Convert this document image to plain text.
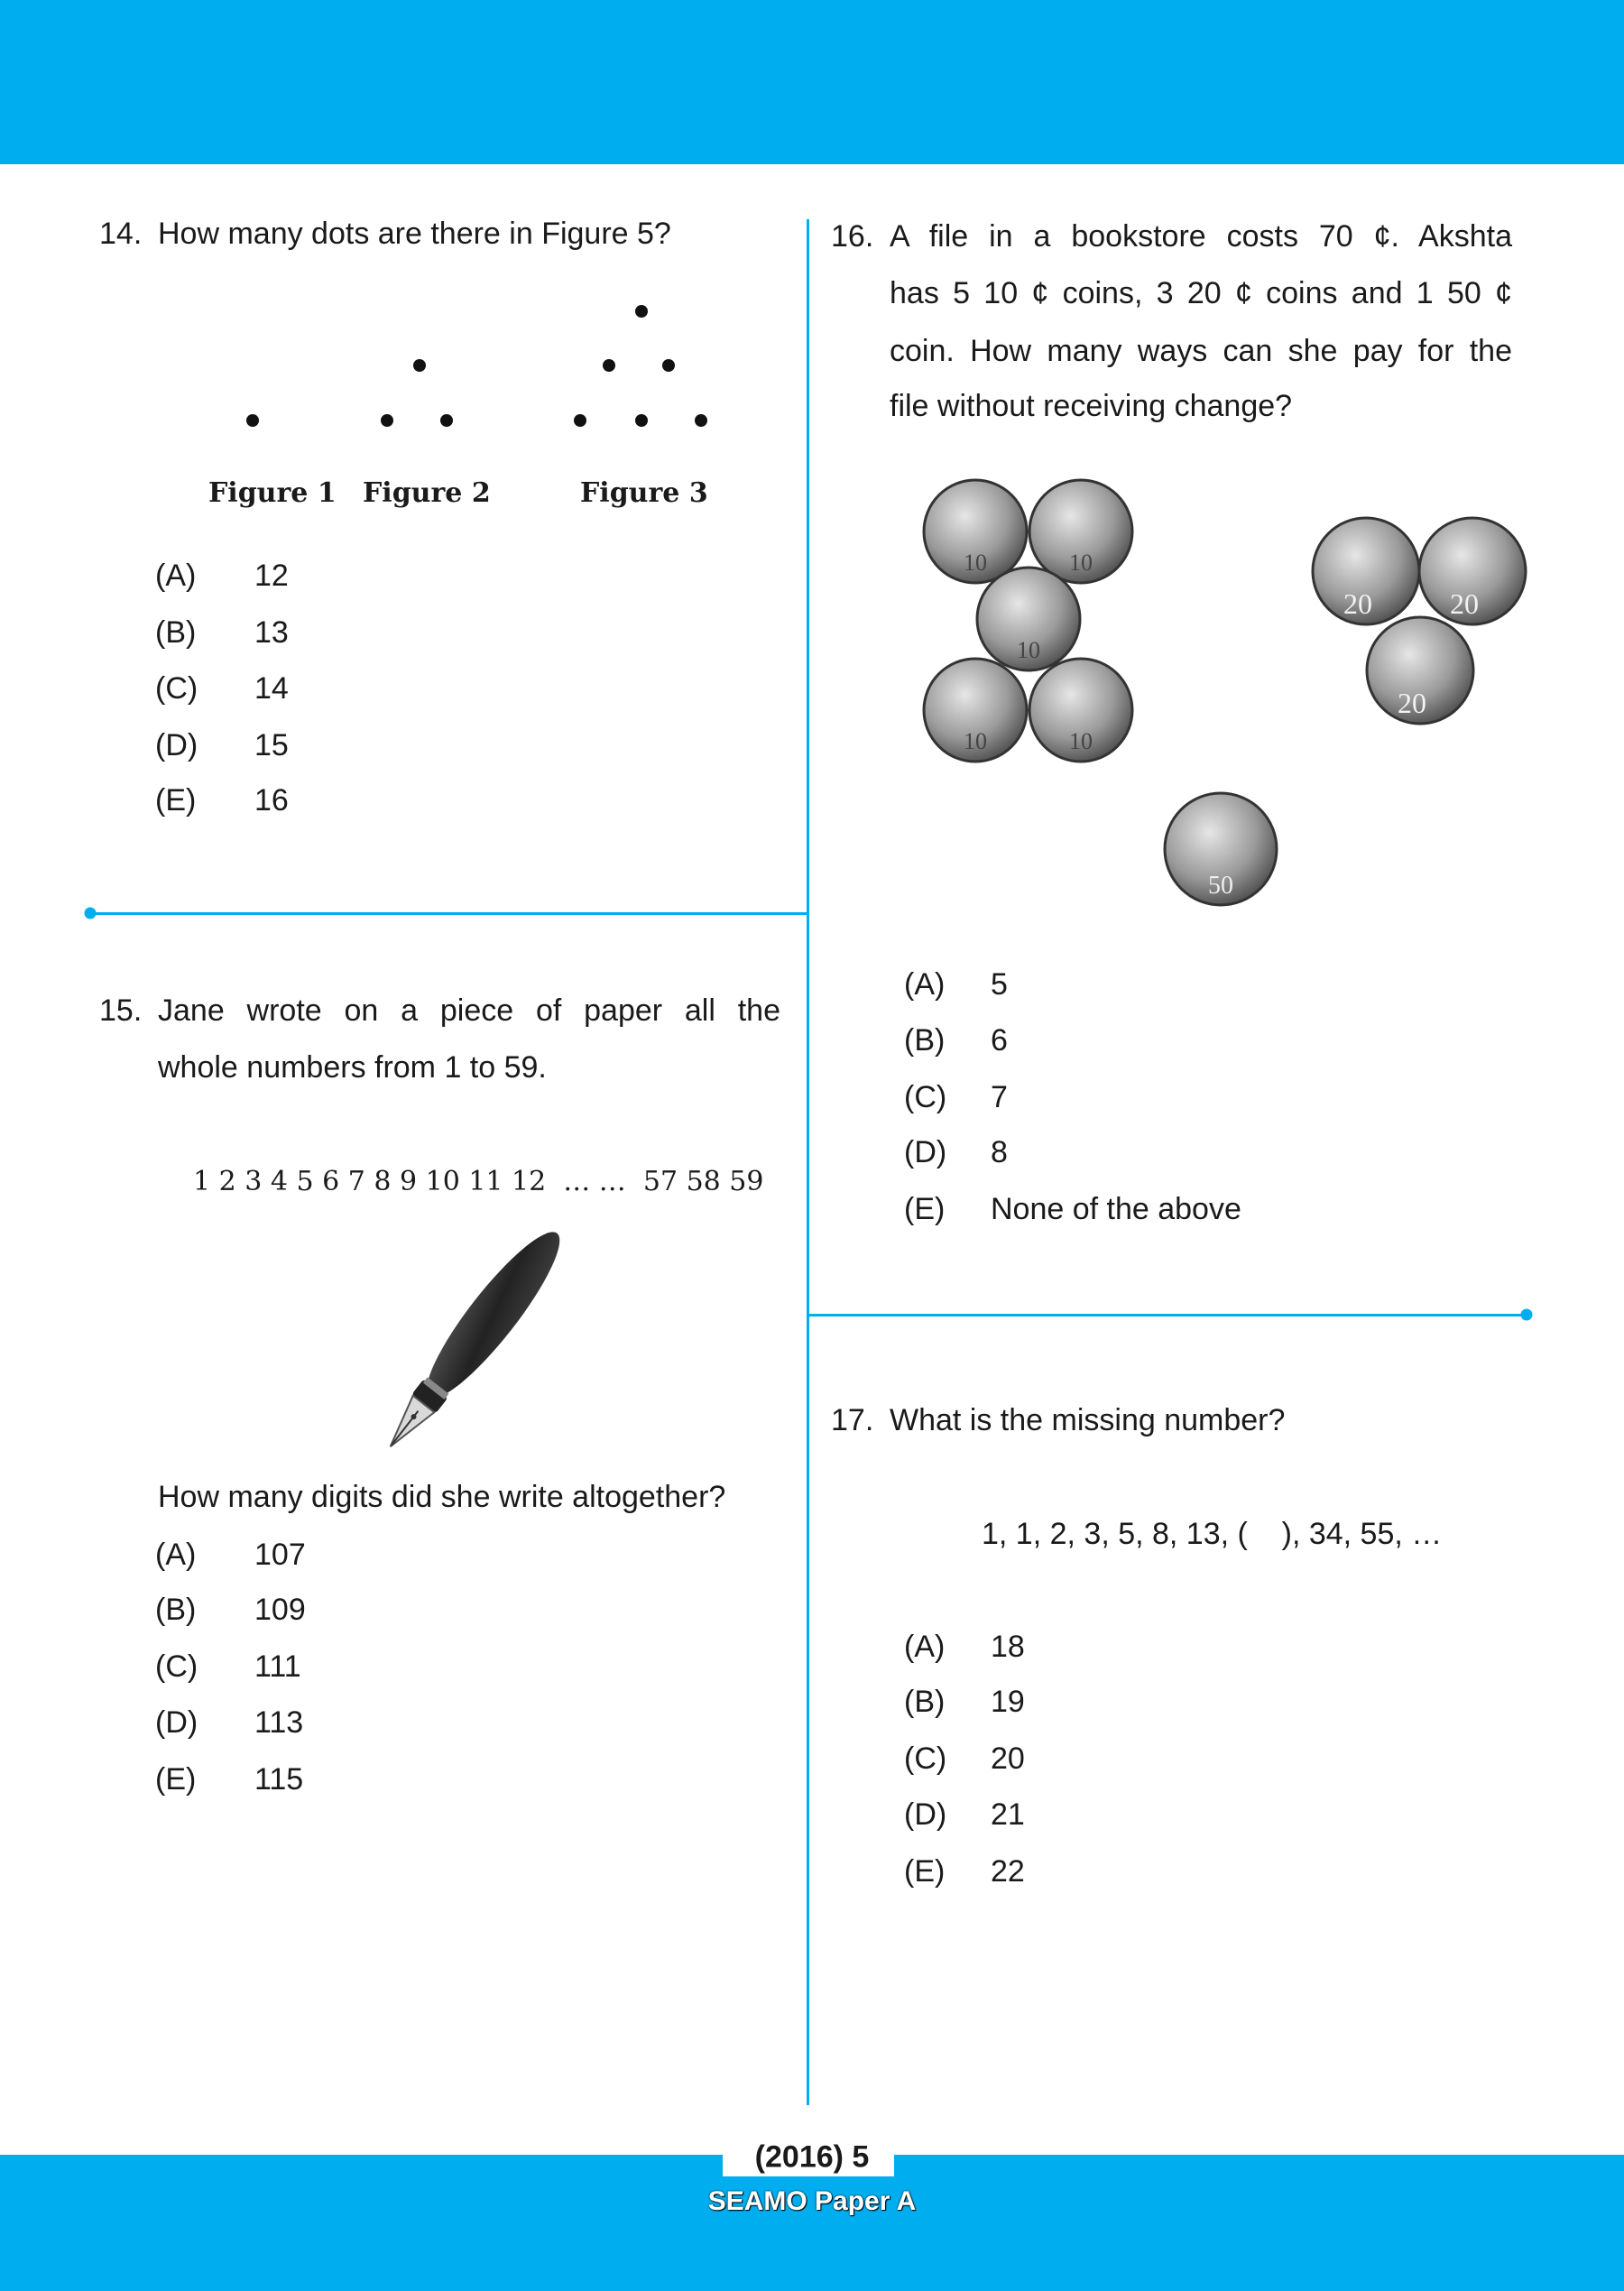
14. How many dots are there in Figure 5?
Figure 1 Figure 2	Figure 3
(A) 12
(B) 13
(C) 14
(D) 15
(E) 16
15. Jane wrote on a piece of paper all the
whole numbers from 1 to 59.
1 2 3 4 5 6 7 8 9 10 11 12  … …  57 58 59
How many digits did she write altogether?
(A) 107
(B) 109
(C) 111
(D) 113
(E) 115
16. A file in a bookstore costs 70 ¢. Akshta
has 5 10 ¢ coins, 3 20 ¢ coins and 1 50 ¢
coin. How many ways can she pay for the
file without receiving change?
10	10
10
10	10
20	20
20
50
(A) 5
(B) 6
(C) 7
(D) 8
(E) None of the above
17. What is the missing number?
1, 1, 2, 3, 5, 8, 13, (    ), 34, 55, …
(A) 18
(B) 19
(C) 20
(D) 21
(E) 22
(2016) 5
SEAMO Paper A
